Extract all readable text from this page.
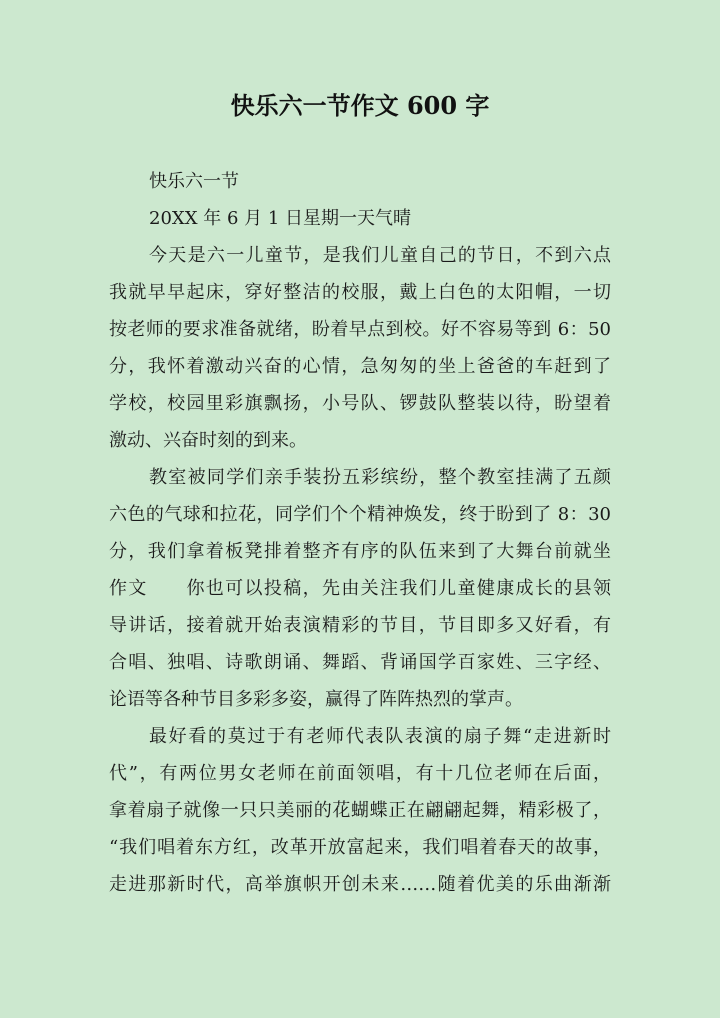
快乐六一节作文 600 字
快乐六一节
20XX 年 6 月 1 日星期一天气晴
今天是六一儿童节，是我们儿童自己的节日，不到六点
我就早早起床，穿好整洁的校服，戴上白色的太阳帽，一切
按老师的要求准备就绪，盼着早点到校。好不容易等到 6：50
分，我怀着激动兴奋的心情，急匆匆的坐上爸爸的车赶到了
学校，校园里彩旗飘扬，小号队、锣鼓队整装以待，盼望着
激动、兴奋时刻的到来。
教室被同学们亲手装扮五彩缤纷，整个教室挂满了五颜
六色的气球和拉花，同学们个个精神焕发，终于盼到了 8：30
分，我们拿着板凳排着整齐有序的队伍来到了大舞台前就坐
作文　　你也可以投稿，先由关注我们儿童健康成长的县领
导讲话，接着就开始表演精彩的节目，节目即多又好看，有
合唱、独唱、诗歌朗诵、舞蹈、背诵国学百家姓、三字经、
论语等各种节目多彩多姿，赢得了阵阵热烈的掌声。
最好看的莫过于有老师代表队表演的扇子舞“走进新时
代”，有两位男女老师在前面领唱，有十几位老师在后面，
拿着扇子就像一只只美丽的花蝴蝶正在翩翩起舞，精彩极了，
“我们唱着东方红，改革开放富起来，我们唱着春天的故事，
走进那新时代，高举旗帜开创未来……随着优美的乐曲渐渐
